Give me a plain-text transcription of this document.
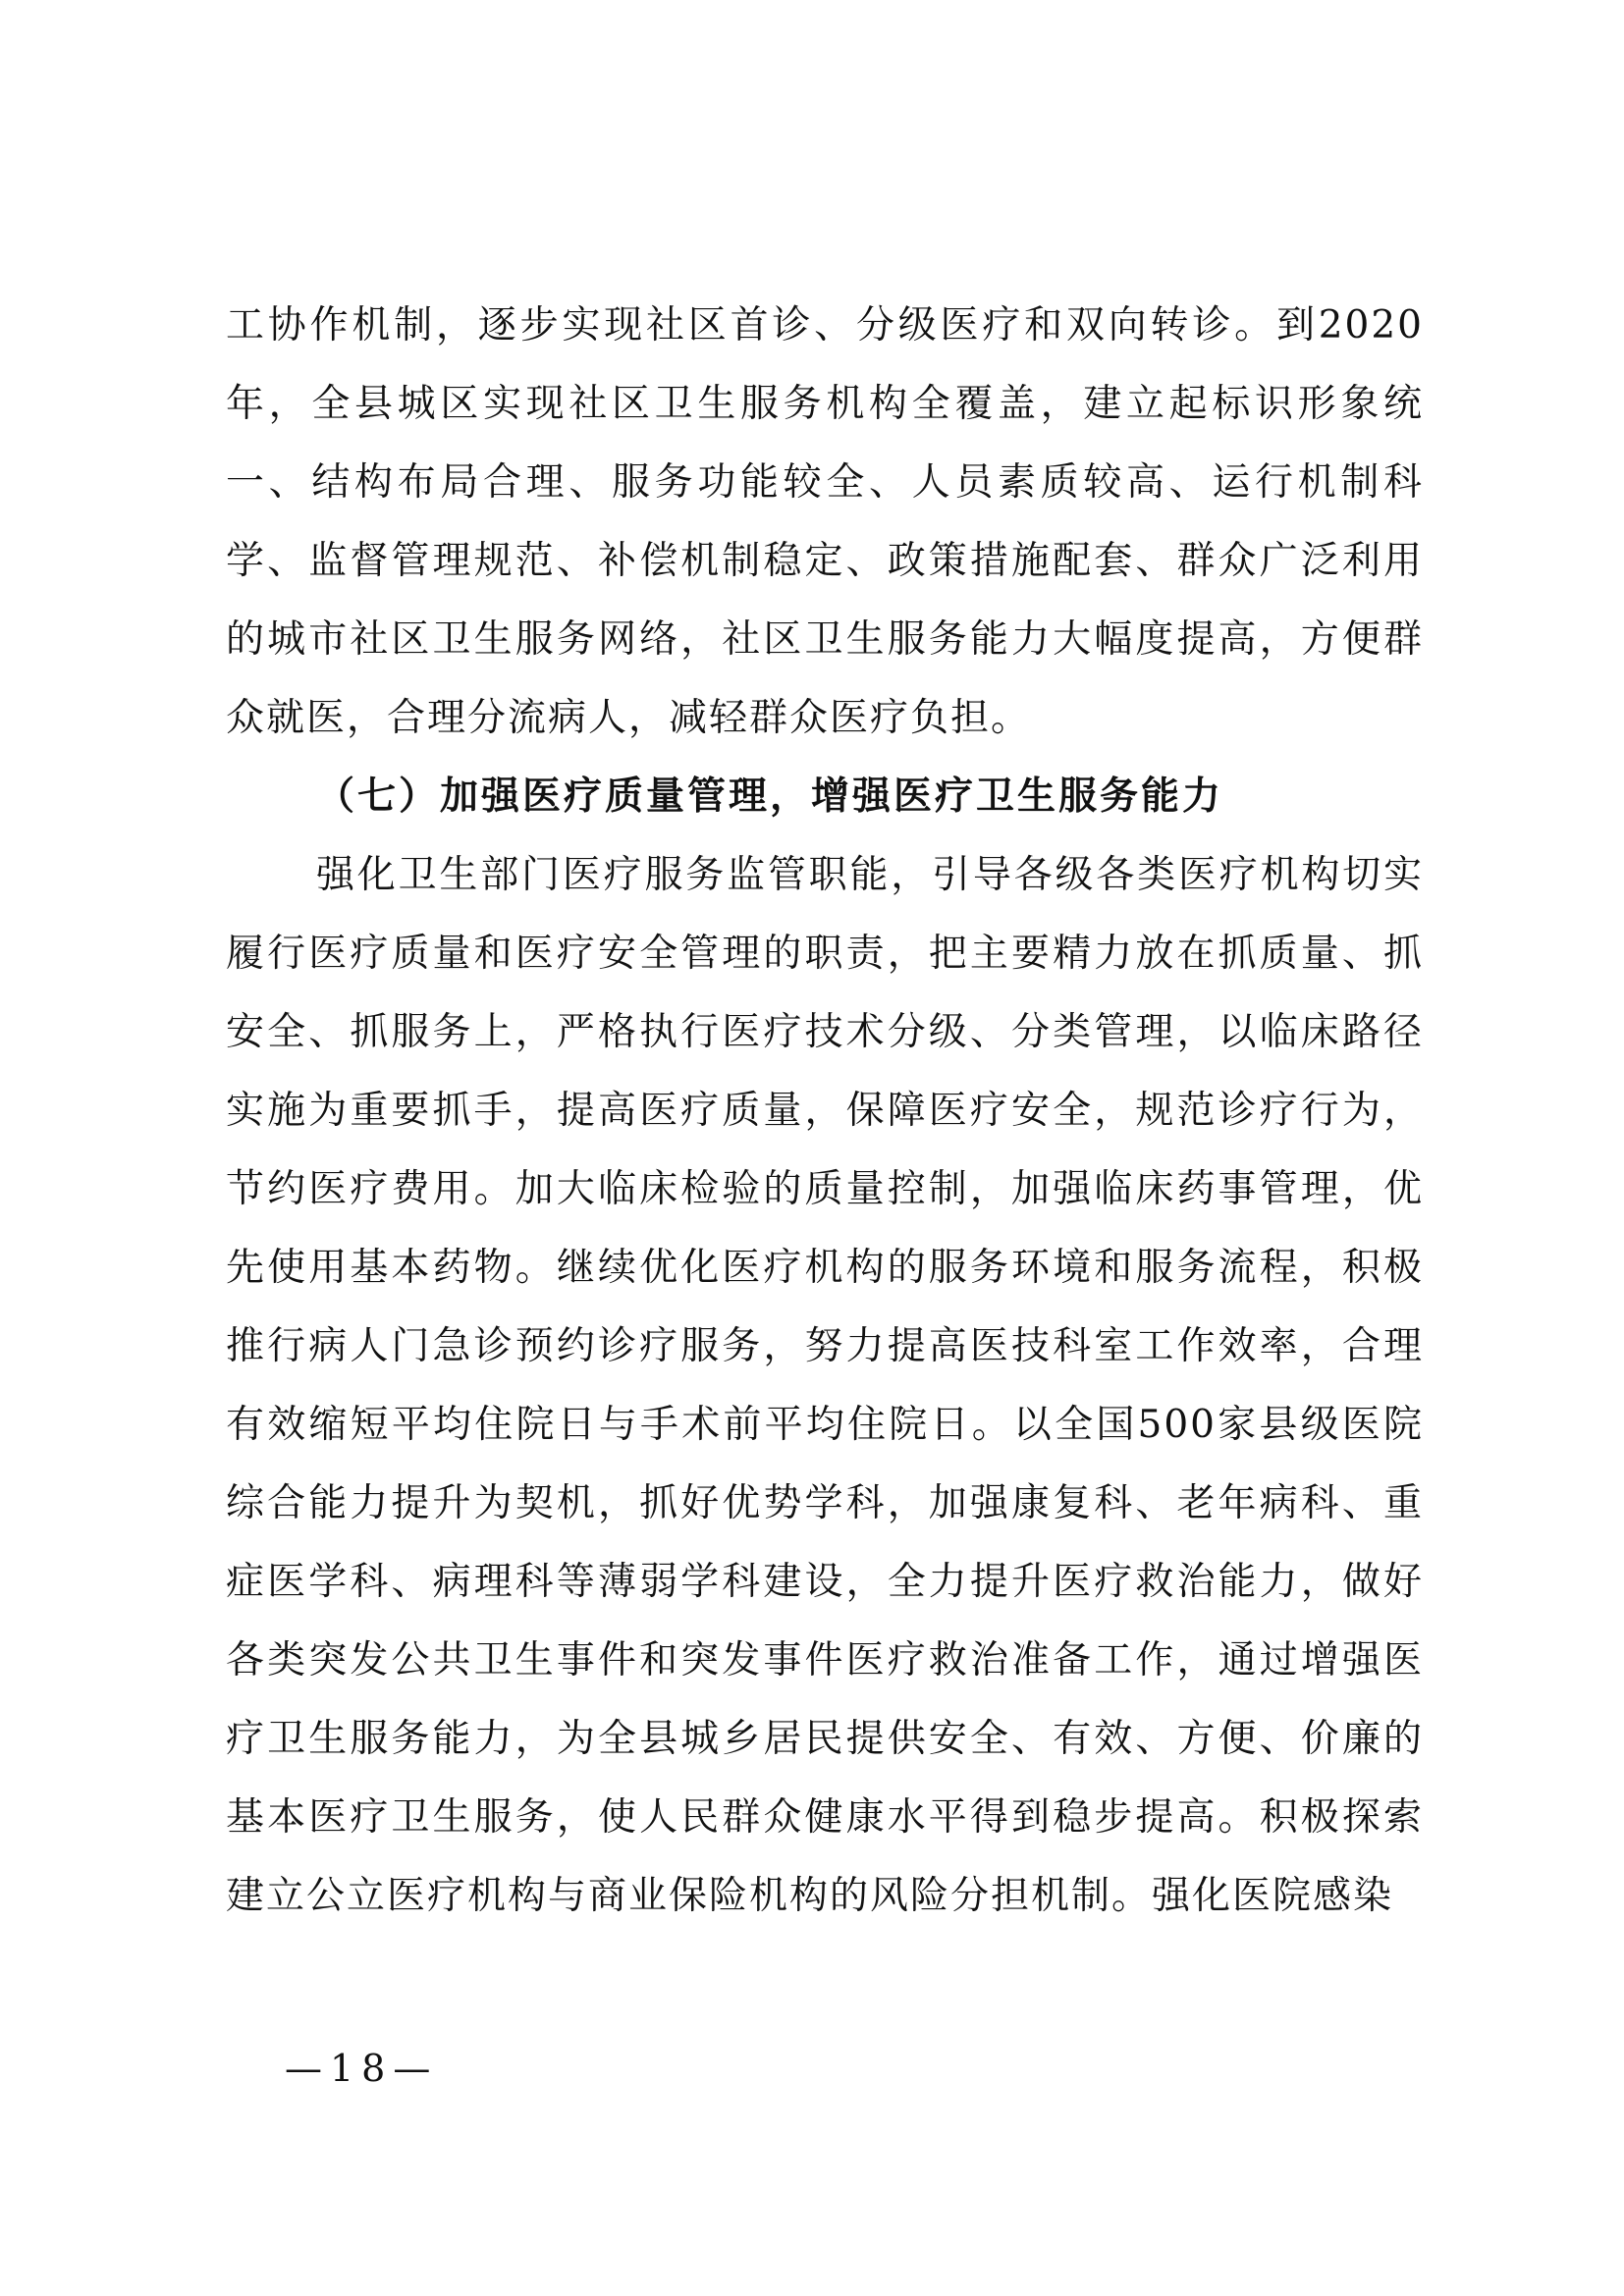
工协作机制，逐步实现社区首诊、分级医疗和双向转诊。到2020年，全县城区实现社区卫生服务机构全覆盖，建立起标识形象统一、结构布局合理、服务功能较全、人员素质较高、运行机制科学、监督管理规范、补偿机制稳定、政策措施配套、群众广泛利用的城市社区卫生服务网络，社区卫生服务能力大幅度提高，方便群众就医，合理分流病人，减轻群众医疗负担。

（七）加强医疗质量管理，增强医疗卫生服务能力

强化卫生部门医疗服务监管职能，引导各级各类医疗机构切实履行医疗质量和医疗安全管理的职责，把主要精力放在抓质量、抓安全、抓服务上，严格执行医疗技术分级、分类管理，以临床路径实施为重要抓手，提高医疗质量，保障医疗安全，规范诊疗行为，节约医疗费用。加大临床检验的质量控制，加强临床药事管理，优先使用基本药物。继续优化医疗机构的服务环境和服务流程，积极推行病人门急诊预约诊疗服务，努力提高医技科室工作效率，合理有效缩短平均住院日与手术前平均住院日。以全国500家县级医院综合能力提升为契机，抓好优势学科，加强康复科、老年病科、重症医学科、病理科等薄弱学科建设，全力提升医疗救治能力，做好各类突发公共卫生事件和突发事件医疗救治准备工作，通过增强医疗卫生服务能力，为全县城乡居民提供安全、有效、方便、价廉的基本医疗卫生服务，使人民群众健康水平得到稳步提高。积极探索建立公立医疗机构与商业保险机构的风险分担机制。强化医院感染

—18—
